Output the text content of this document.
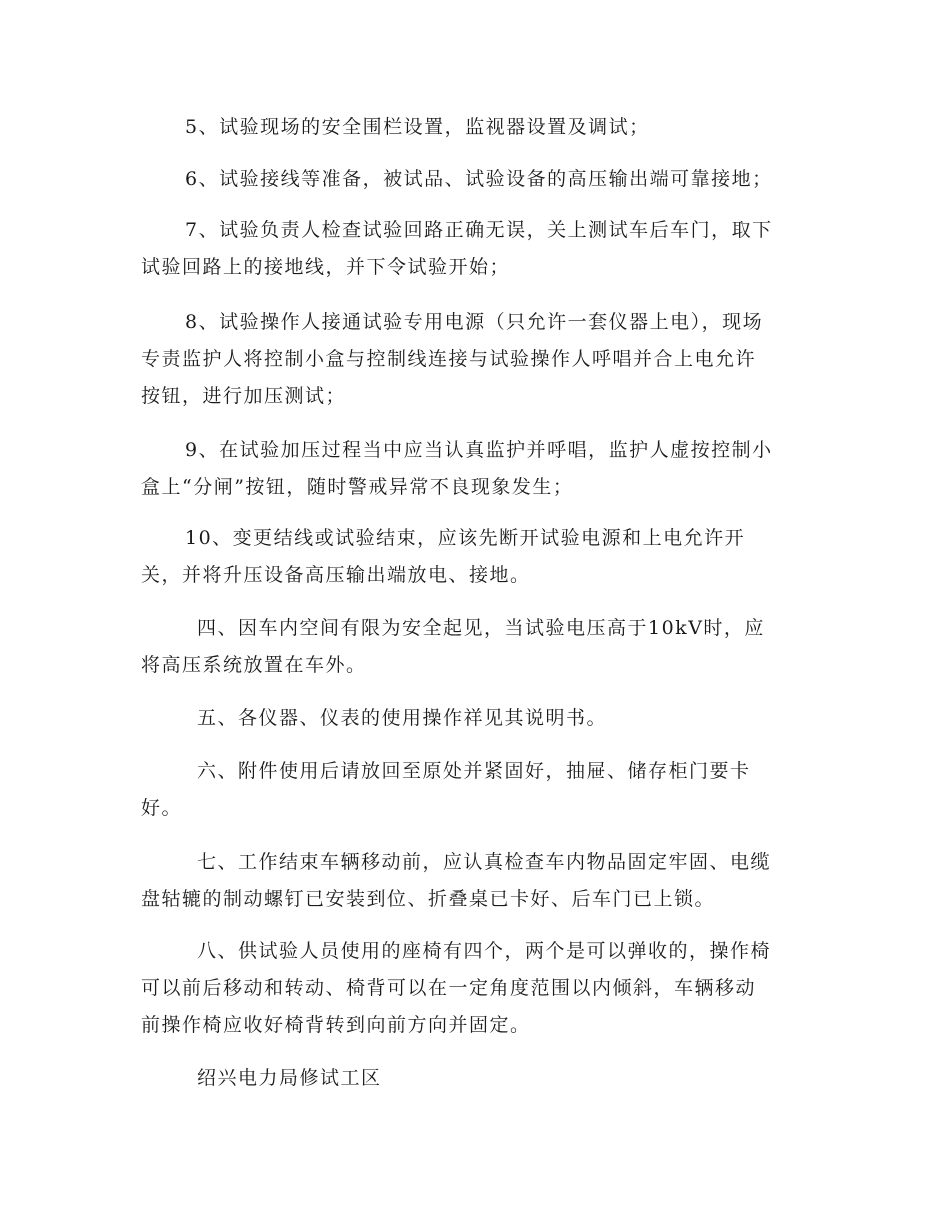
5、试验现场的安全围栏设置，监视器设置及调试；
6、试验接线等准备，被试品、试验设备的高压输出端可靠接地；
7、试验负责人检查试验回路正确无误，关上测试车后车门，取下
试验回路上的接地线，并下令试验开始；
8、试验操作人接通试验专用电源（只允许一套仪器上电），现场
专责监护人将控制小盒与控制线连接与试验操作人呼唱并合上电允许
按钮，进行加压测试；
9、在试验加压过程当中应当认真监护并呼唱，监护人虚按控制小
盒上“分闸”按钮，随时警戒异常不良现象发生；
10、变更结线或试验结束，应该先断开试验电源和上电允许开
关，并将升压设备高压输出端放电、接地。
四、因车内空间有限为安全起见，当试验电压高于10kV时，应
将高压系统放置在车外。
五、各仪器、仪表的使用操作祥见其说明书。
六、附件使用后请放回至原处并紧固好，抽屉、储存柜门要卡
好。
七、工作结束车辆移动前，应认真检查车内物品固定牢固、电缆
盘轱辘的制动螺钉已安装到位、折叠桌已卡好、后车门已上锁。
八、供试验人员使用的座椅有四个，两个是可以弹收的，操作椅
可以前后移动和转动、椅背可以在一定角度范围以内倾斜，车辆移动
前操作椅应收好椅背转到向前方向并固定。
绍兴电力局修试工区
